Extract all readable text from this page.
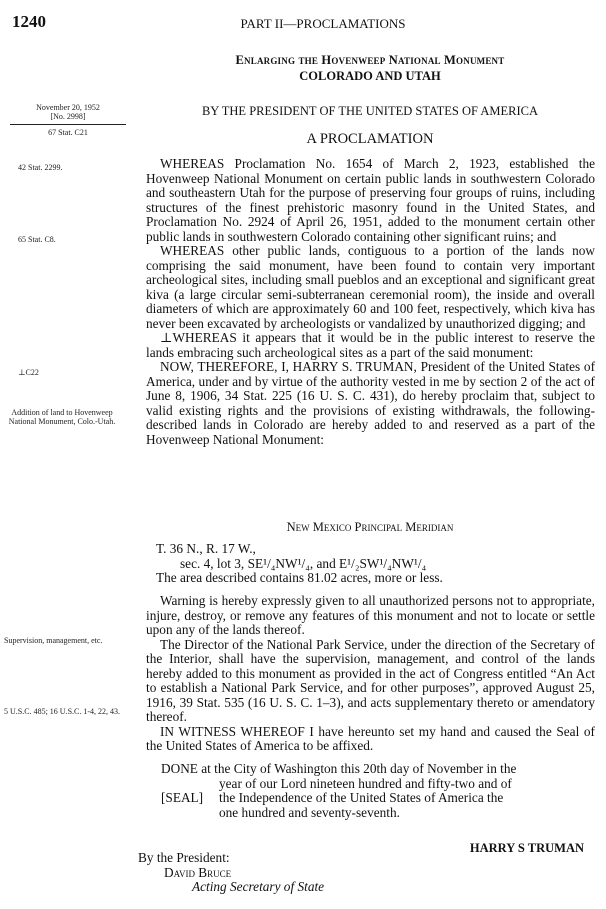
1240	PART II—PROCLAMATIONS
Enlarging the Hovenweep National Monument
COLORADO AND UTAH
November 20, 1952
[No. 2998]
67 Stat. C21
BY THE PRESIDENT OF THE UNITED STATES OF AMERICA
A PROCLAMATION
42 Stat. 2299.
65 Stat. C8.
⊥C22
Addition of land to Hovenweep National Monument, Colo.-Utah.

WHEREAS Proclamation No. 1654 of March 2, 1923, established the Hovenweep National Monument on certain public lands in southwestern Colorado and southeastern Utah for the purpose of preserving four groups of ruins, including structures of the finest prehistoric masonry found in the United States, and Proclamation No. 2924 of April 26, 1951, added to the monument certain other public lands in southwestern Colorado containing other significant ruins; and

WHEREAS other public lands, contiguous to a portion of the lands now comprising the said monument, have been found to contain very important archeological sites, including small pueblos and an exceptional and significant great kiva (a large circular semi-subterranean ceremonial room), the inside and overall diameters of which are approximately 60 and 100 feet, respectively, which kiva has never been excavated by archeologists or vandalized by unauthorized digging; and

⊥WHEREAS it appears that it would be in the public interest to reserve the lands embracing such archeological sites as a part of the said monument:

NOW, THEREFORE, I, HARRY S. TRUMAN, President of the United States of America, under and by virtue of the authority vested in me by section 2 of the act of June 8, 1906, 34 Stat. 225 (16 U. S. C. 431), do hereby proclaim that, subject to valid existing rights and the provisions of existing withdrawals, the following-described lands in Colorado are hereby added to and reserved as a part of the Hovenweep National Monument:

New Mexico Principal Meridian
T. 36 N., R. 17 W.,
sec. 4, lot 3, SE¹/₄NW¹/₄, and E¹/₂SW¹/₄NW¹/₄
The area described contains 81.02 acres, more or less.
Supervision, management, etc.
5 U.S.C. 485; 16 U.S.C. 1-4, 22, 43.

Warning is hereby expressly given to all unauthorized persons not to appropriate, injure, destroy, or remove any features of this monument and not to locate or settle upon any of the lands thereof.

The Director of the National Park Service, under the direction of the Secretary of the Interior, shall have the supervision, management, and control of the lands hereby added to this monument as provided in the act of Congress entitled “An Act to establish a National Park Service, and for other purposes”, approved August 25, 1916, 39 Stat. 535 (16 U. S. C. 1–3), and acts supplementary thereto or amendatory thereof.

IN WITNESS WHEREOF I have hereunto set my hand and caused the Seal of the United States of America to be affixed.

DONE at the City of Washington this 20th day of November in the
year of our Lord nineteen hundred and fifty-two and of
[SEAL]	the Independence of the United States of America the
one hundred and seventy-seventh.
HARRY S TRUMAN
By the President:
David Bruce
Acting Secretary of State
